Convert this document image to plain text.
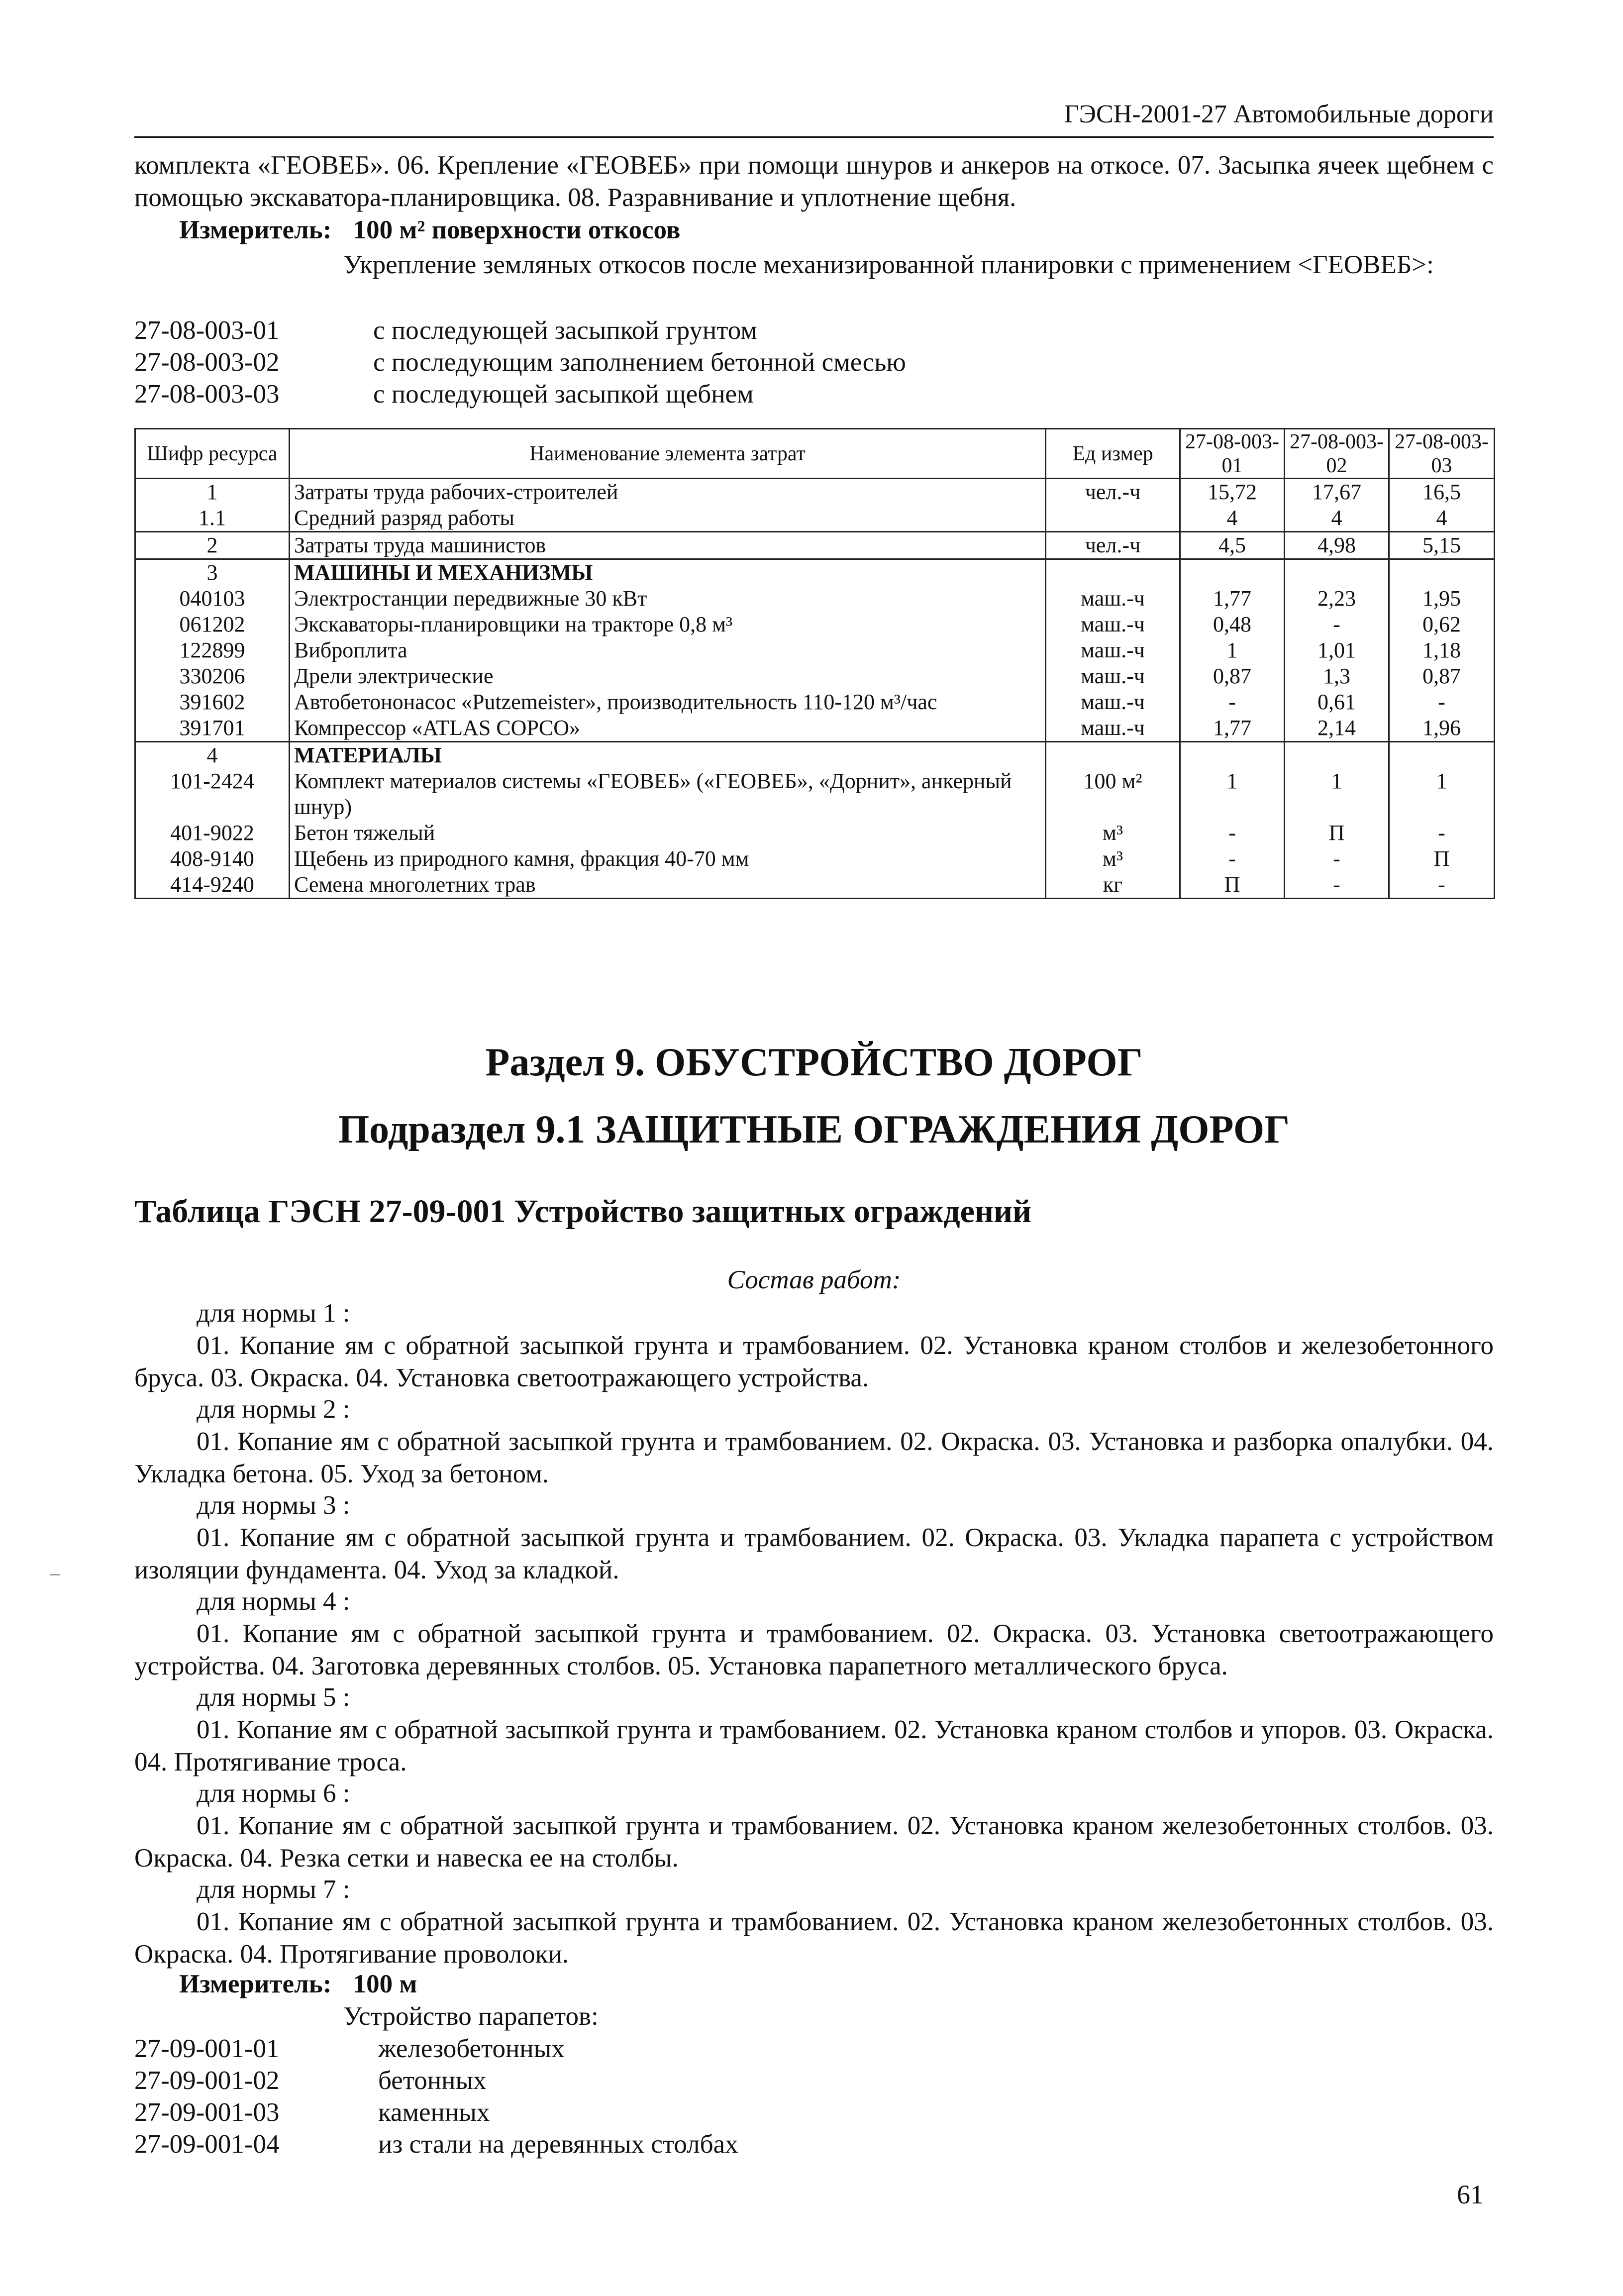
ГЭСН-2001-27 Автомобильные дороги
комплекта «ГЕОВЕБ». 06. Крепление «ГЕОВЕБ» при помощи шнуров и анкеров на откосе. 07. Засыпка ячеек щебнем с помощью экскаватора-планировщика. 08. Разравнивание и уплотнение щебня.
Измеритель: 100 м² поверхности откосов
Укрепление земляных откосов после механизированной планировки с применением <ГЕОВЕБ>:
27-08-003-01	с последующей засыпкой грунтом
27-08-003-02	с последующим заполнением бетонной смесью
27-08-003-03	с последующей засыпкой щебнем
Шифр ресурса	Наименование элемента затрат	Ед измер	27-08-003-01	27-08-003-02	27-08-003-03
1	Затраты труда рабочих-строителей	чел.-ч	15,72	17,67	16,5
1.1	Средний разряд работы		4	4	4
2	Затраты труда машинистов	чел.-ч	4,5	4,98	5,15
3	МАШИНЫ И МЕХАНИЗМЫ				
040103	Электростанции передвижные 30 кВт	маш.-ч	1,77	2,23	1,95
061202	Экскаваторы-планировщики на тракторе 0,8 м³	маш.-ч	0,48	-	0,62
122899	Виброплита	маш.-ч	1	1,01	1,18
330206	Дрели электрические	маш.-ч	0,87	1,3	0,87
391602	Автобетононасос «Putzemeister», производительность 110-120 м³/час	маш.-ч	-	0,61	-
391701	Компрессор «ATLAS COPCO»	маш.-ч	1,77	2,14	1,96
4	МАТЕРИАЛЫ				
101-2424	Комплект материалов системы «ГЕОВЕБ» («ГЕОВЕБ», «Дорнит», анкерный шнур)	100 м²	1	1	1
401-9022	Бетон тяжелый	м³	-	П	-
408-9140	Щебень из природного камня, фракция 40-70 мм	м³	-	-	П
414-9240	Семена многолетних трав	кг	П	-	-
Раздел 9. ОБУСТРОЙСТВО ДОРОГ
Подраздел 9.1 ЗАЩИТНЫЕ ОГРАЖДЕНИЯ ДОРОГ
Таблица ГЭСН 27-09-001 Устройство защитных ограждений
Состав работ:
для нормы 1 :
01. Копание ям с обратной засыпкой грунта и трамбованием. 02. Установка краном столбов и железобетонного бруса. 03. Окраска. 04. Установка светоотражающего устройства.
для нормы 2 :
01. Копание ям с обратной засыпкой грунта и трамбованием. 02. Окраска. 03. Установка и разборка опалубки. 04. Укладка бетона. 05. Уход за бетоном.
для нормы 3 :
01. Копание ям с обратной засыпкой грунта и трамбованием. 02. Окраска. 03. Укладка парапета с устройством изоляции фундамента. 04. Уход за кладкой.
для нормы 4 :
01. Копание ям с обратной засыпкой грунта и трамбованием. 02. Окраска. 03. Установка светоотражающего устройства. 04. Заготовка деревянных столбов. 05. Установка парапетного металлического бруса.
для нормы 5 :
01. Копание ям с обратной засыпкой грунта и трамбованием. 02. Установка краном столбов и упоров. 03. Окраска. 04. Протягивание троса.
для нормы 6 :
01. Копание ям с обратной засыпкой грунта и трамбованием. 02. Установка краном железобетонных столбов. 03. Окраска. 04. Резка сетки и навеска ее на столбы.
для нормы 7 :
01. Копание ям с обратной засыпкой грунта и трамбованием. 02. Установка краном железобетонных столбов. 03. Окраска. 04. Протягивание проволоки.
Измеритель: 100 м
Устройство парапетов:
27-09-001-01	железобетонных
27-09-001-02	бетонных
27-09-001-03	каменных
27-09-001-04	из стали на деревянных столбах
61
